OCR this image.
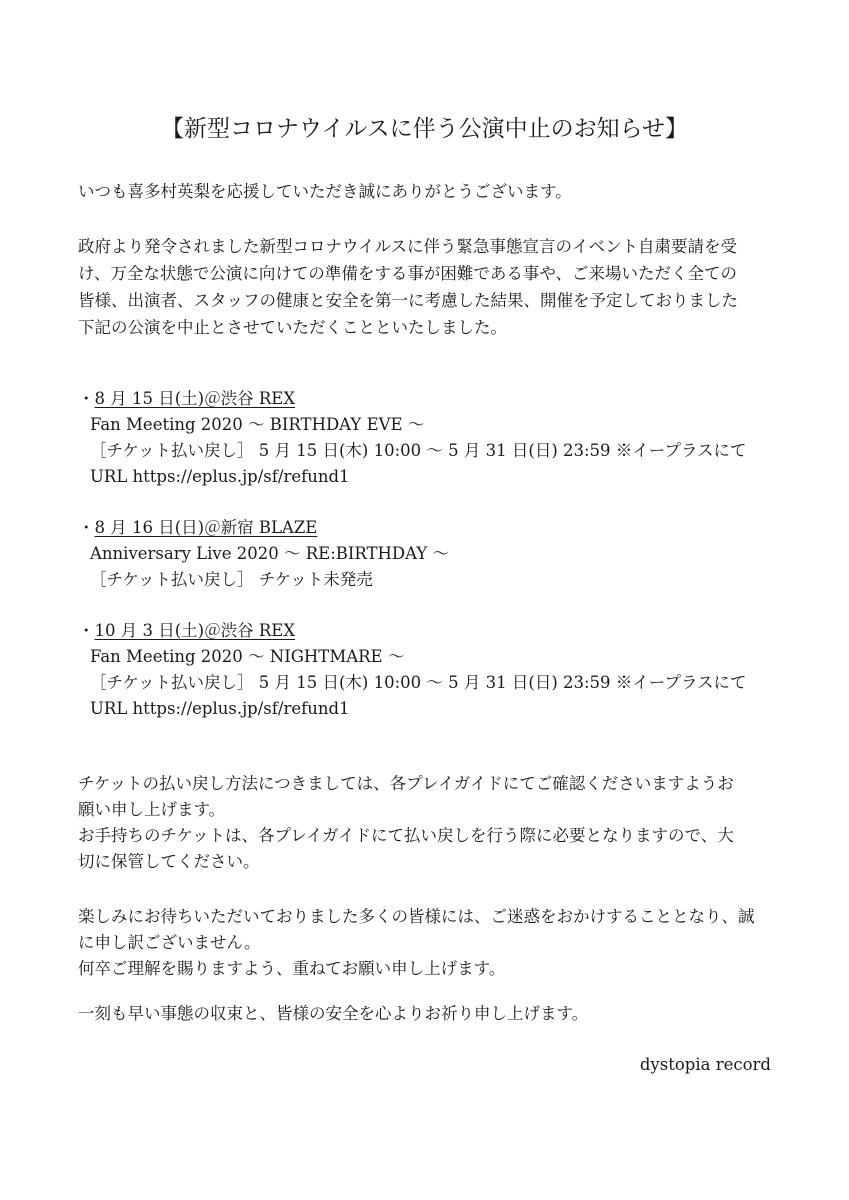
【新型コロナウイルスに伴う公演中止のお知らせ】
いつも喜多村英梨を応援していただき誠にありがとうございます。
政府より発令されました新型コロナウイルスに伴う緊急事態宣言のイベント自粛要請を受
け、万全な状態で公演に向けての準備をする事が困難である事や、ご来場いただく全ての
皆様、出演者、スタッフの健康と安全を第一に考慮した結果、開催を予定しておりました
下記の公演を中止とさせていただくことといたしました。
・8 月 15 日(土)＠渋谷 REX
Fan Meeting 2020 〜 BIRTHDAY EVE 〜
［チケット払い戻し］ 5 月 15 日(木) 10:00 〜 5 月 31 日(日) 23:59 ※イープラスにて
URL https://eplus.jp/sf/refund1
・8 月 16 日(日)＠新宿 BLAZE
Anniversary Live 2020 〜 RE:BIRTHDAY 〜
［チケット払い戻し］ チケット未発売
・10 月 3 日(土)＠渋谷 REX
Fan Meeting 2020 〜 NIGHTMARE 〜
［チケット払い戻し］ 5 月 15 日(木) 10:00 〜 5 月 31 日(日) 23:59 ※イープラスにて
URL https://eplus.jp/sf/refund1
チケットの払い戻し方法につきましては、各プレイガイドにてご確認くださいますようお
願い申し上げます。
お手持ちのチケットは、各プレイガイドにて払い戻しを行う際に必要となりますので、大
切に保管してください。
楽しみにお待ちいただいておりました多くの皆様には、ご迷惑をおかけすることとなり、誠
に申し訳ございません。
何卒ご理解を賜りますよう、重ねてお願い申し上げます。
一刻も早い事態の収束と、皆様の安全を心よりお祈り申し上げます。
dystopia record
